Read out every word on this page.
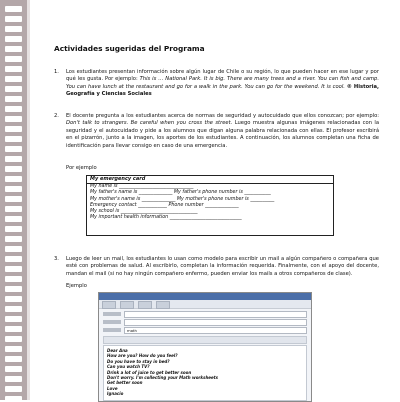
Actividades sugeridas del Programa
1. Los estudiantes presentan información sobre algún lugar de Chile o su región, lo que pueden hacer en ese lugar y por qué les gusta. Por ejemplo: This is … National Park. It is big. There are many trees and a river. You can fish and camp. You can have lunch at the restaurant and go for a walk in the park. You can go for the weekend. It is cool. ® Historia, Geografía y Ciencias Sociales
2. El docente pregunta a los estudiantes acerca de normas de seguridad y autocuidado que ellos conozcan; por ejemplo: Don't talk to strangers. Be careful when you cross the street. Luego muestra algunas imágenes relacionadas con la seguridad y el autocuidado y pide a los alumnos que digan alguna palabra relacionada con ellas. El profesor escribirá en el pizarrón, junto a la imagen, los aportes de los estudiantes. A continuación, los alumnos completan una ficha de identificación para llevar consigo en caso de una emergencia.
Por ejemplo
My emergency card
My name is _______________________________
My father's name is ______________ My father's phone number is ___________
My mother's name is ______________ My mother's phone number is __________
Emergency contact ____________ Phone number ______________
My school is ________________________________
My important health information ______________________________
3. Luego de leer un mail, los estudiantes lo usan como modelo para escribir un mail a algún compañero o compañera que esté con problemas de salud. Al escribirlo, completan la información requerida. Finalmente, con el apoyo del docente, mandan el mail (si no hay ningún compañero enfermo, pueden enviar los mails a otros compañeros de clase).
Ejemplo
math
Dear Ana
How are you? How do you feel?
Do you have to stay in bed?
Can you watch TV?
Drink a lot of juice to get better soon
Don't worry. I'm collecting your Math worksheets
Get better soon
Love
Ignacio
